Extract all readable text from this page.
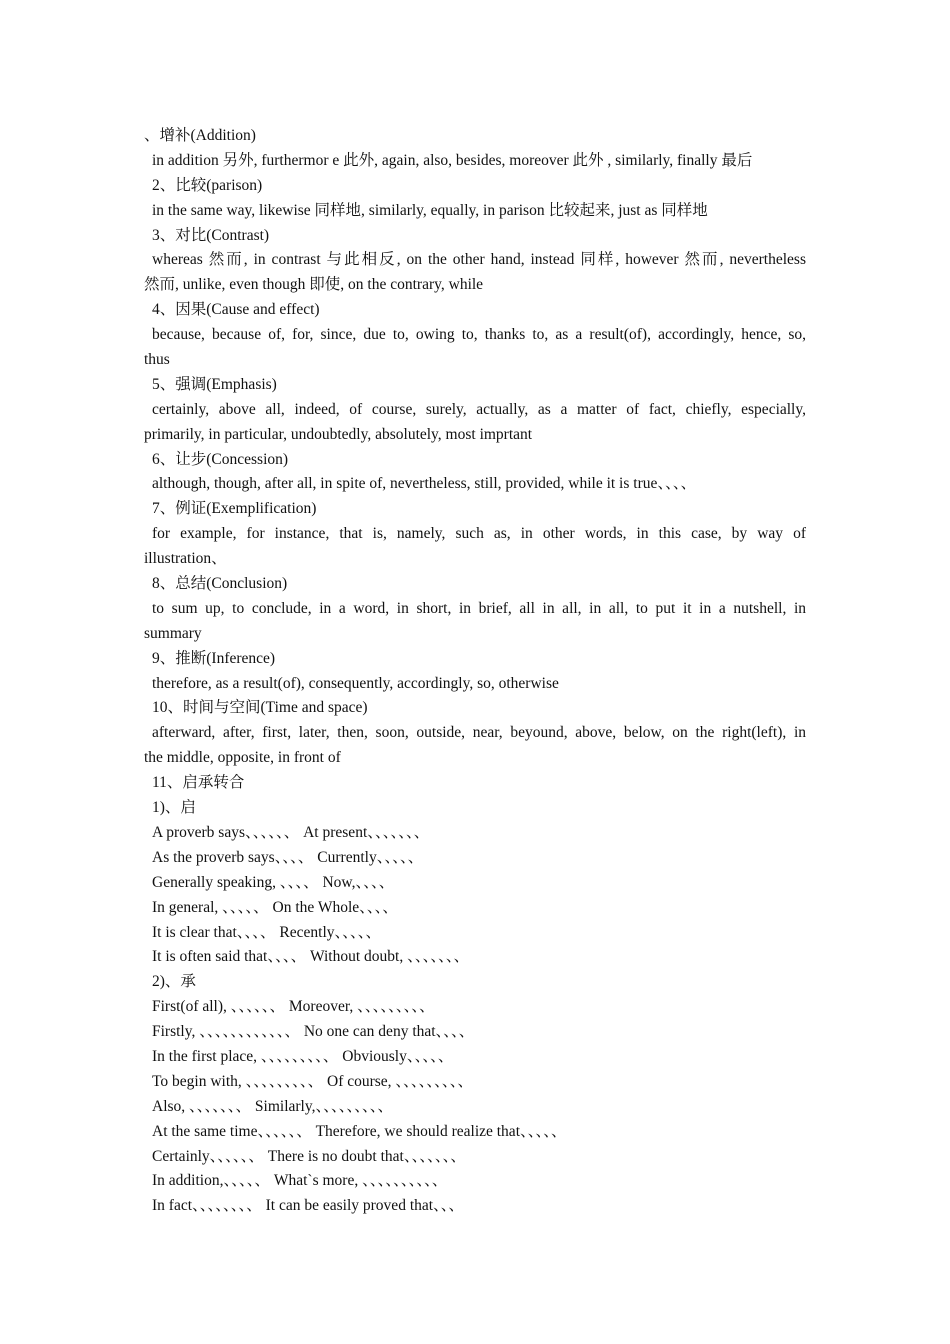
、增补(Addition)
in addition 另外, furthermor e 此外, again, also, besides, moreover 此外 , similarly, finally 最后
2、比较(parison)
in the same way, likewise 同样地, similarly, equally, in parison 比较起来, just as 同样地
3、对比(Contrast)
whereas 然而, in contrast 与此相反, on the other hand, instead 同样, however 然而, nevertheless
然而, unlike, even though 即使, on the contrary, while
4、因果(Cause and effect)
because, because of, for, since, due to, owing to, thanks to, as a result(of), accordingly, hence, so,
thus
5、强调(Emphasis)
certainly, above all, indeed, of course, surely, actually, as a matter of fact, chiefly, especially,
primarily, in particular, undoubtedly, absolutely, most imprtant
6、让步(Concession)
although, though, after all, in spite of, nevertheless, still, provided, while it is true、、、、
7、例证(Exemplification)
for example, for instance, that is, namely, such as, in other words, in this case, by way of
illustration、
8、总结(Conclusion)
to sum up, to conclude, in a word, in short, in brief, all in all, in all, to put it in a nutshell, in
summary
9、推断(Inference)
therefore, as a result(of), consequently, accordingly, so, otherwise
10、时间与空间(Time and space)
afterward, after, first, later, then, soon, outside, near, beyound, above, below, on the right(left), in
the middle, opposite, in front of
11、启承转合
1)、启
A proverb says、、、、、、 At present、、、、、、、
As the proverb says、、、、 Currently、、、、、
Generally speaking, 、、、、 Now,、、、、
In general, 、、、、、 On the Whole、、、、
It is clear that、、、、 Recently、、、、、
It is often said that、、、、 Without doubt, 、、、、、、、
2)、承
First(of all), 、、、、、、 Moreover, 、、、、、、、、、
Firstly, 、、、、、、、、、、、、 No one can deny that、、、、
In the first place, 、、、、、、、、、 Obviously、、、、、
To begin with, 、、、、、、、、、 Of course, 、、、、、、、、、
Also, 、、、、、、、 Similarly,、、、、、、、、、
At the same time、、、、、、 Therefore, we should realize that、、、、、
Certainly、、、、、、 There is no doubt that、、、、、、、
In addition,、、、、、 What`s more, 、、、、、、、、、、
In fact、、、、、、、、 It can be easily proved that、、、
